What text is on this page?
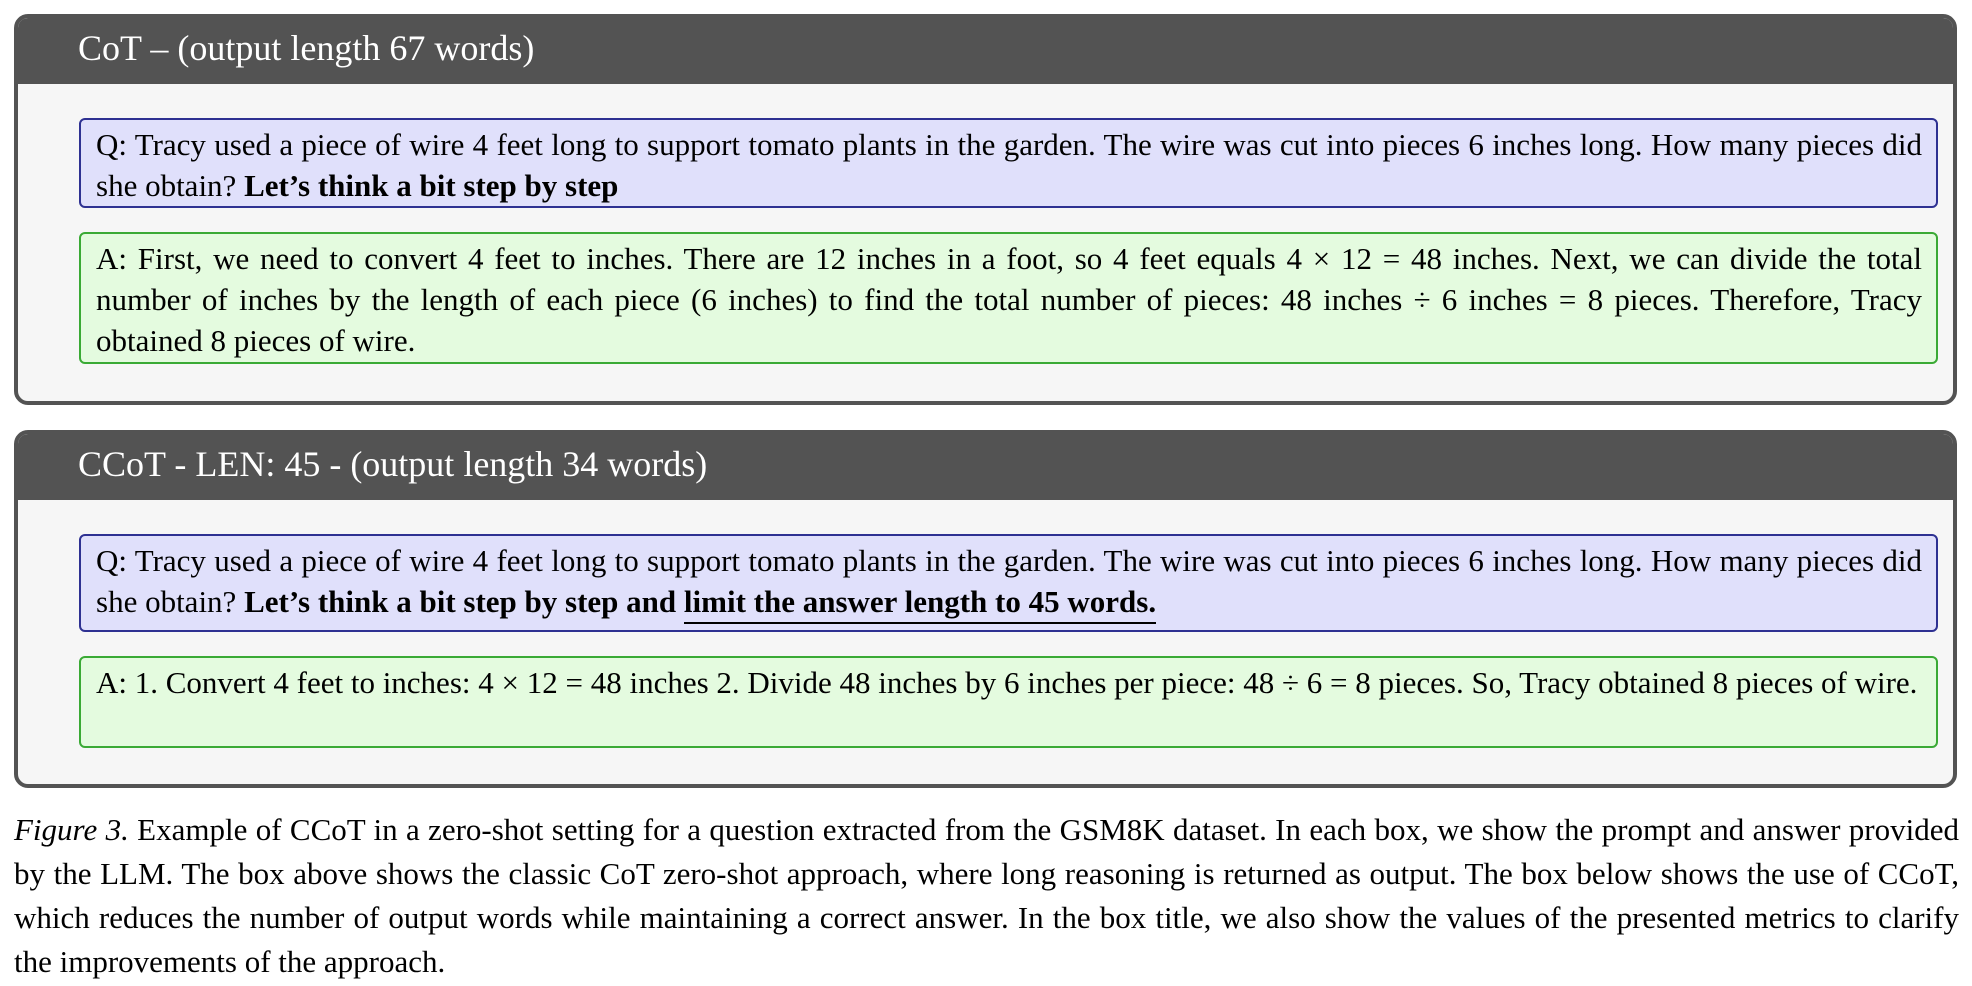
CoT – (output length 67 words)
Q: Tracy used a piece of wire 4 feet long to support tomato plants in the garden. The wire was cut into pieces 6 inches long. How many pieces did she obtain? Let’s think a bit step by step
A: First, we need to convert 4 feet to inches. There are 12 inches in a foot, so 4 feet equals 4 × 12 = 48 inches. Next, we can divide the total number of inches by the length of each piece (6 inches) to find the total number of pieces: 48 inches ÷ 6 inches = 8 pieces. Therefore, Tracy obtained 8 pieces of wire.
CCoT - LEN: 45 - (output length 34 words)
Q: Tracy used a piece of wire 4 feet long to support tomato plants in the garden. The wire was cut into pieces 6 inches long. How many pieces did she obtain? Let’s think a bit step by step and limit the answer length to 45 words.
A: 1. Convert 4 feet to inches: 4 × 12 = 48 inches 2. Divide 48 inches by 6 inches per piece: 48 ÷ 6 = 8 pieces. So, Tracy obtained 8 pieces of wire.
Figure 3. Example of CCoT in a zero-shot setting for a question extracted from the GSM8K dataset. In each box, we show the prompt and answer provided by the LLM. The box above shows the classic CoT zero-shot approach, where long reasoning is returned as output. The box below shows the use of CCoT, which reduces the number of output words while maintaining a correct answer. In the box title, we also show the values of the presented metrics to clarify the improvements of the approach.
